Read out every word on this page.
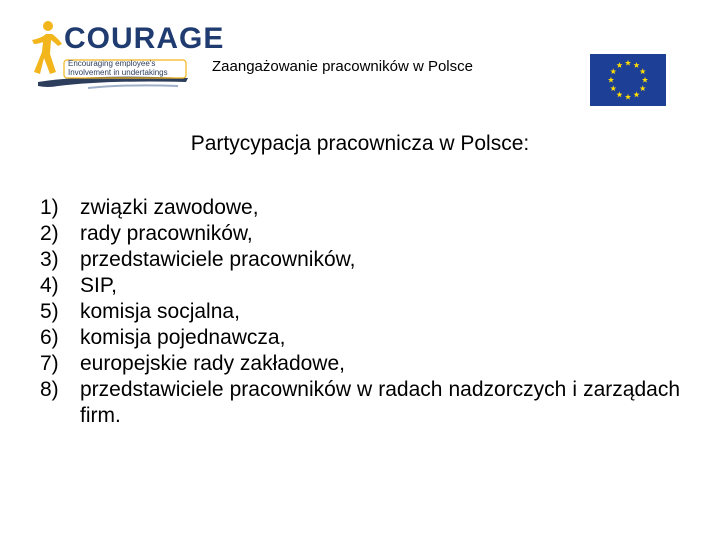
COURAGE
Encouraging employee's
Involvement in undertakings	Zaangażowanie pracowników w Polsce
Partycypacja pracownicza w Polsce:
1) związki zawodowe,
2) rady pracowników,
3) przedstawiciele pracowników,
4) SIP,
5) komisja socjalna,
6) komisja pojednawcza,
7) europejskie rady zakładowe,
8) przedstawiciele pracowników w radach nadzorczych i zarządach firm.
